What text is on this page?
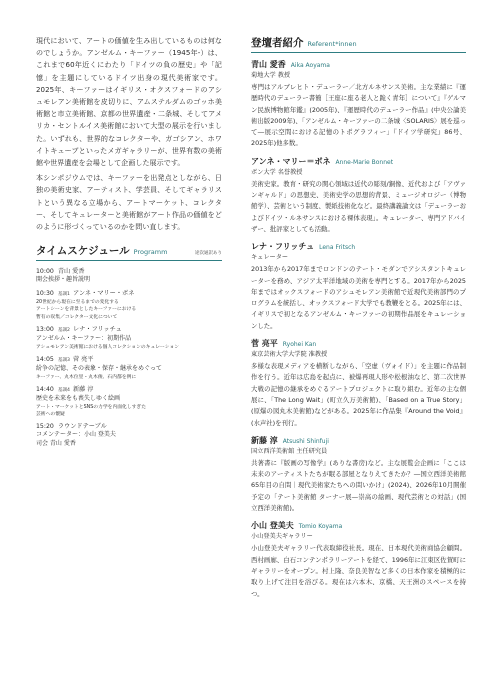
現代において、アートの価値を生み出しているものは何なのでしょうか。アンゼルム・キーファー（1945年-）は、これまで60年近くにわたり「ドイツの負の歴史」や「記憶」を主題にしているドイツ出身の現代美術家です。2025年、キーファーはイギリス・オクスフォードのアシュモレアン美術館を皮切りに、アムステルダムのゴッホ美術館と市立美術館、京都の世界遺産・二条城、そしてアメリカ・セントルイス美術館において大型の展示を行いました。いずれも、世界的なコレクターや、ガゴシアン、ホワイトキューブといったメガギャラリーが、世界有数の美術館や世界遺産を会場として企画した展示です。

本シンポジウムでは、キーファーを出発点としながら、日独の美術史家、アーティスト、学芸員、そしてギャラリストという異なる立場から、アートマーケット、コレクター、そしてキュレーターと美術館がアート作品の価値をどのように形づくっているのかを問い直します。

タイムスケジュール Programm	途次通訳あり
10:00 青山 愛香
開会挨拶・趣旨説明
10:30 基調1 アンネ・マリー・ボネ
20世紀から現在に至るまでの変化する
アートシーンを背景としたキーファーにおける
暫有の収集／コレクター文化について
13:00 基調2 レナ・フリッチュ
アンゼルム・キーファー：初期作品
アシュモレアン美術館における個人コレクションのキュレーション
14:05 基調3 菅 亮平
紛争の記憶、その表象・保存・継承をめぐって
キーファー、丸木位里・丸木俊、石内都を例に
14:40 基調4 新藤 淳
歴史を未来をも喪失しゆく絵画
アート・マーケットとSNSの力学を内面化しすぎた
芸術への懐疑
15:20 ラウンドテーブル
コメンテーター：小山 登美夫
司会 青山 愛香
登壇者紹介 Referent*innen
青山 愛香 Aika Aoyama
菊地大学 教授
専門はアルブレヒト・デューラー／北方ルネサンス美術。主な業績に『運歴時代のデューラー書簡［王座に座る老人と跪く青年］について』『ゲルマン民族博物館年鑑』(2005年)、『運歴時代のデューラー作品』(中央公論美術出版2009年)、「アンゼルム・キーファーの二条城〈SOLARIS〉展を巡って―展示空間における記憶のトポグラフィー」『ドイツ学研究』86号、2025年)他多数。
アンネ・マリー＝ボネ Anne-Marie Bonnet
ボン大学 名誉教授
美術史家。教育・研究の関心領域は近代の彫刻/銅像、近代および「アヴァンギャルド」の思想史、美術史学の思想的背景、ミュージオロジー（博物館学）、芸術という制度、製紙技術化など。最終講義論文は「デューラーおよびドイツ・ルネサンスにおける裸体表現」。キュレーター、専門アドバイザー、批評家としても活動。
レナ・フリッチュ Lena Fritsch
キュレーター
2013年から2017年までロンドンのテート・モダンでアシスタントキュレーターを務め、アジア太平洋地域の美術を専門とする。2017年から2025年まではオックスフォードのアシュモレアン美術館で近現代美術部門のプログラムを統括し、オックスフォード大学でも教鞭をとる。2025年には、イギリスで初となるアンゼルム・キーファーの初期作品展をキュレーションした。
菅 亮平 Ryohei Kan
東京芸術大学大学院 准教授
多様な表現メディアを横断しながら、「空虚（ヴォイド）」を主題に作品制作を行う。近年は広島を起点に、被爆再現人形や松根油など、第二次世界大戦の記憶の継承をめぐるアートプロジェクトに取り組む。近年の主な個展に、「The Long Wait」(町立久万美術館)、「Based on a True Story」(原爆の図丸木美術館)などがある。2025年に作品集『Around the Void』(水声社)を刊行。
新藤 淳 Atsushi Shinfuji
国立西洋美術館 主任研究員
共著書に『版画の写像学』(ありな書房)など。主な展覧会企画に「ここは未来のアーティストたちが眠る部屋となりえてきたか？―国立西洋美術館65年目の自問｜現代美術家たちへの問いかけ」(2024)、2026年10月開催予定の「テート美術館 ターナー展—崇高の絵画、現代芸術との対話」(国立西洋美術館)。
小山 登美夫 Tomio Koyama
小山登美夫ギャラリー
小山登美夫ギャラリー代表取締役社長。現在、日本現代美術商協会顧問。西村画廊、白石コンテンポラリーアートを経て、1996年に江東区佐賀町にギャラリーをオープン。村上隆、奈良美智など多くの日本作家を積極的に取り上げて注目を浴びる。現在は六本木、京橋、天王洲のスペースを持つ。
